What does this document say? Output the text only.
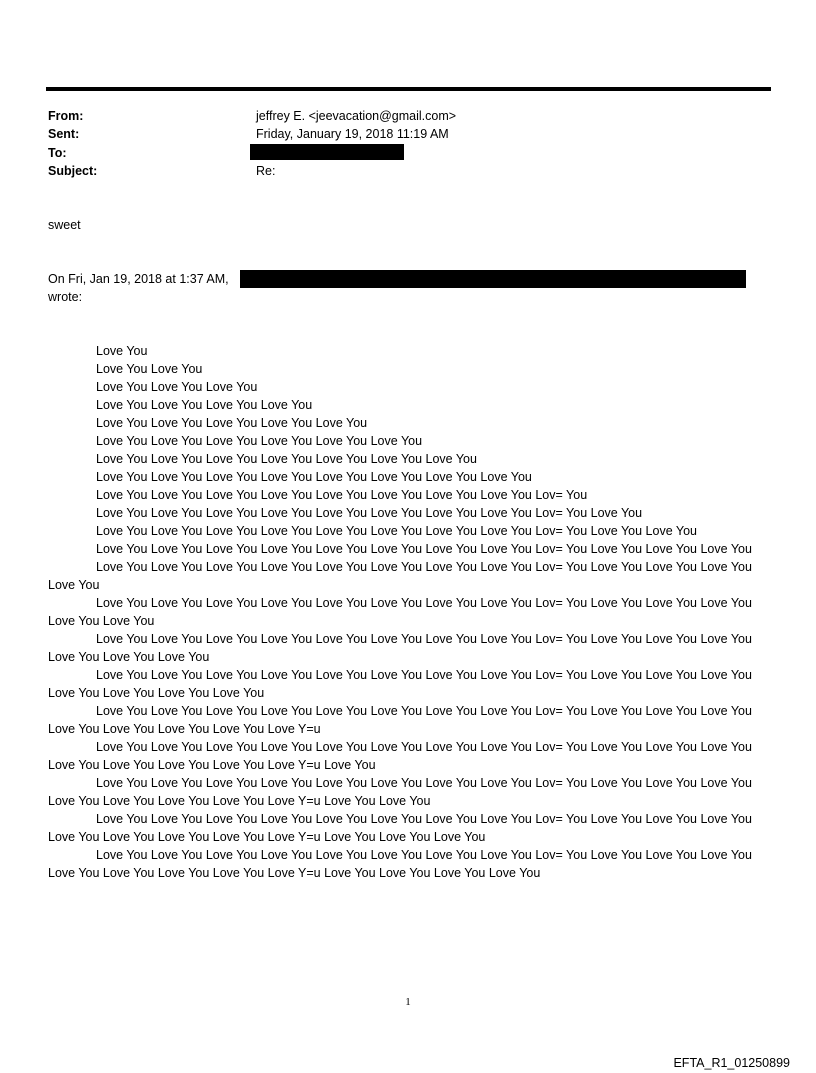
From:	jeffrey E. <jeevacation@gmail.com>
Sent:	Friday, January 19, 2018 11:19 AM
To:
Subject:	Re:
sweet
On Fri, Jan 19, 2018 at 1:37 AM,
wrote:
Love You
Love You Love You
Love You Love You Love You
Love You Love You Love You Love You
Love You Love You Love You Love You Love You
Love You Love You Love You Love You Love You Love You
Love You Love You Love You Love You Love You Love You Love You
Love You Love You Love You Love You Love You Love You Love You Love You
Love You Love You Love You Love You Love You Love You Love You Love You Lov= You
Love You Love You Love You Love You Love You Love You Love You Love You Lov= You Love You
Love You Love You Love You Love You Love You Love You Love You Love You Lov= You Love You Love You
Love You Love You Love You Love You Love You Love You Love You Love You Lov= You Love You Love You Love You
Love You Love You Love You Love You Love You Love You Love You Love You Lov= You Love You Love You Love You Love You
Love You Love You Love You Love You Love You Love You Love You Love You Lov= You Love You Love You Love You Love You Love You
Love You Love You Love You Love You Love You Love You Love You Love You Lov= You Love You Love You Love You Love You Love You Love You
Love You Love You Love You Love You Love You Love You Love You Love You Lov= You Love You Love You Love You Love You Love You Love You Love You
Love You Love You Love You Love You Love You Love You Love You Love You Lov= You Love You Love You Love You Love You Love You Love You Love You Love Y=u
Love You Love You Love You Love You Love You Love You Love You Love You Lov= You Love You Love You Love You Love You Love You Love You Love You Love Y=u Love You
Love You Love You Love You Love You Love You Love You Love You Love You Lov= You Love You Love You Love You Love You Love You Love You Love You Love Y=u Love You Love You
Love You Love You Love You Love You Love You Love You Love You Love You Lov= You Love You Love You Love You Love You Love You Love You Love You Love Y=u Love You Love You Love You
Love You Love You Love You Love You Love You Love You Love You Love You Lov= You Love You Love You Love You Love You Love You Love You Love You Love Y=u Love You Love You Love You Love You
1
EFTA_R1_01250899
